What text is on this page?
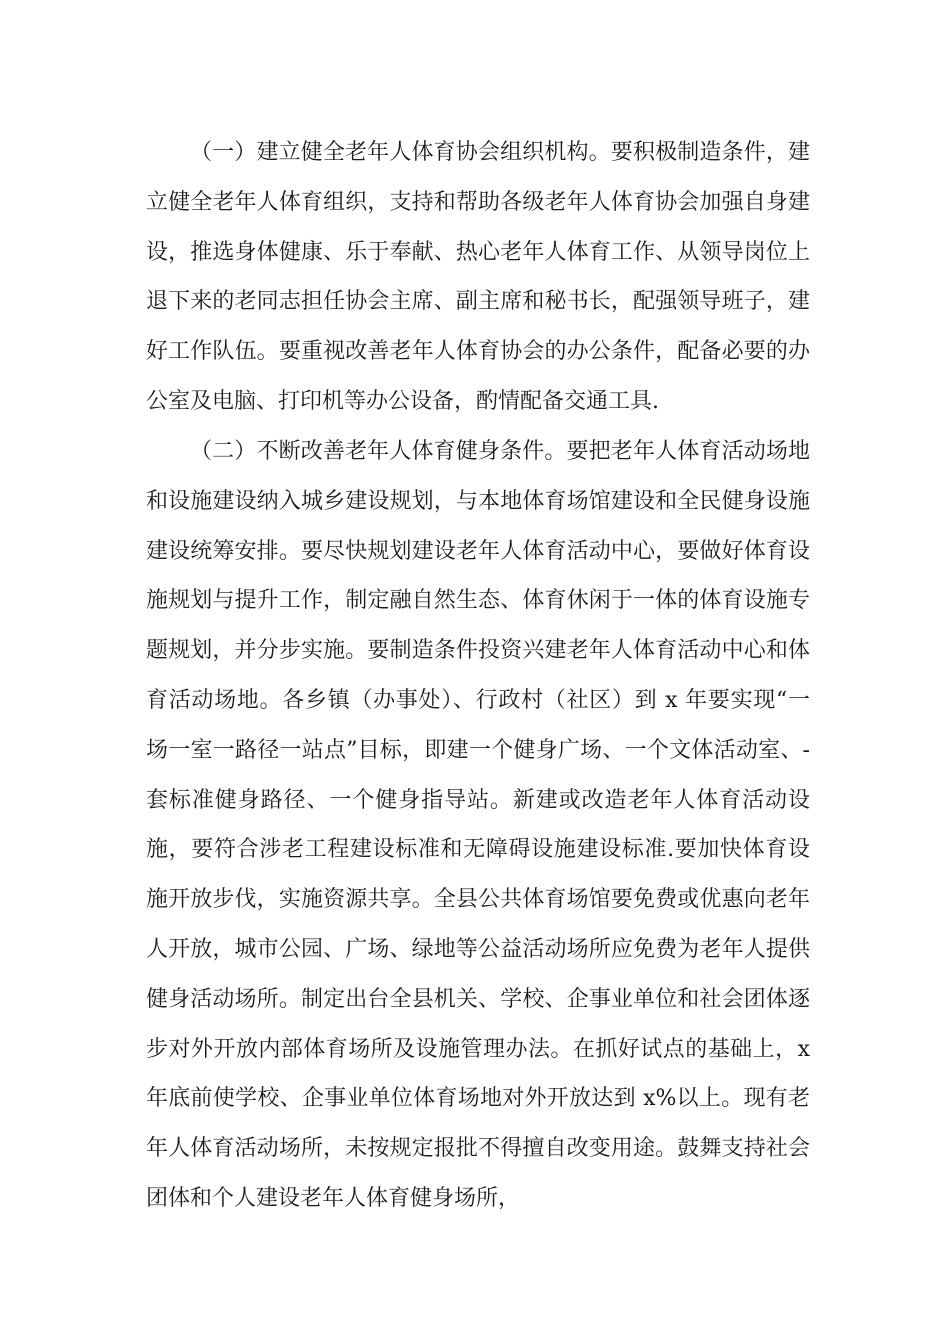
（一）建立健全老年人体育协会组织机构。要积极制造条件，建立健全老年人体育组织，支持和帮助各级老年人体育协会加强自身建设，推选身体健康、乐于奉献、热心老年人体育工作、从领导岗位上退下来的老同志担任协会主席、副主席和秘书长，配强领导班子，建好工作队伍。要重视改善老年人体育协会的办公条件，配备必要的办公室及电脑、打印机等办公设备，酌情配备交通工具.

（二）不断改善老年人体育健身条件。要把老年人体育活动场地和设施建设纳入城乡建设规划，与本地体育场馆建设和全民健身设施建设统筹安排。要尽快规划建设老年人体育活动中心，要做好体育设施规划与提升工作，制定融自然生态、体育休闲于一体的体育设施专题规划，并分步实施。要制造条件投资兴建老年人体育活动中心和体育活动场地。各乡镇（办事处）、行政村（社区）到 x 年要实现“一场一室一路径一站点”目标，即建一个健身广场、一个文体活动室、-套标准健身路径、一个健身指导站。新建或改造老年人体育活动设施，要符合涉老工程建设标准和无障碍设施建设标准.要加快体育设施开放步伐，实施资源共享。全县公共体育场馆要免费或优惠向老年人开放，城市公园、广场、绿地等公益活动场所应免费为老年人提供健身活动场所。制定出台全县机关、学校、企事业单位和社会团体逐步对外开放内部体育场所及设施管理办法。在抓好试点的基础上，x 年底前使学校、企事业单位体育场地对外开放达到 x%以上。现有老年人体育活动场所，未按规定报批不得擅自改变用途。鼓舞支持社会团体和个人建设老年人体育健身场所，
